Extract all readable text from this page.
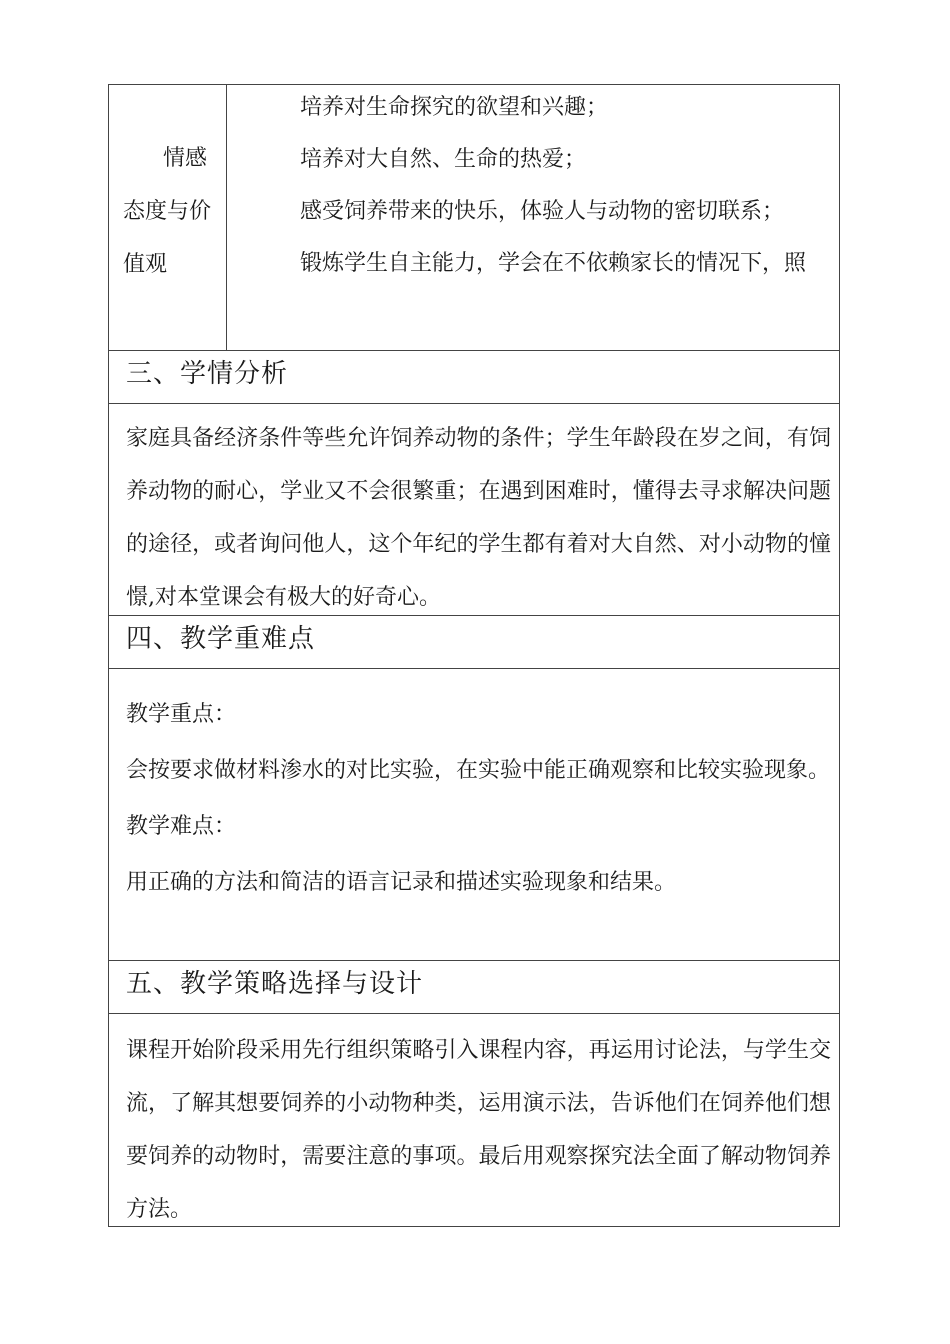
情感
态度与价
值观
培养对生命探究的欲望和兴趣；
培养对大自然、生命的热爱；
感受饲养带来的快乐，体验人与动物的密切联系；
锻炼学生自主能力，学会在不依赖家长的情况下，照
三、学情分析
家庭具备经济条件等些允许饲养动物的条件；学生年龄段在岁之间，有饲养动物的耐心，学业又不会很繁重；在遇到困难时，懂得去寻求解决问题的途径，或者询问他人，这个年纪的学生都有着对大自然、对小动物的憧憬,对本堂课会有极大的好奇心。
四、教学重难点
教学重点：
会按要求做材料渗水的对比实验，在实验中能正确观察和比较实验现象。
教学难点：
用正确的方法和简洁的语言记录和描述实验现象和结果。
五、教学策略选择与设计
课程开始阶段采用先行组织策略引入课程内容，再运用讨论法，与学生交流，了解其想要饲养的小动物种类，运用演示法，告诉他们在饲养他们想要饲养的动物时，需要注意的事项。最后用观察探究法全面了解动物饲养方法。
